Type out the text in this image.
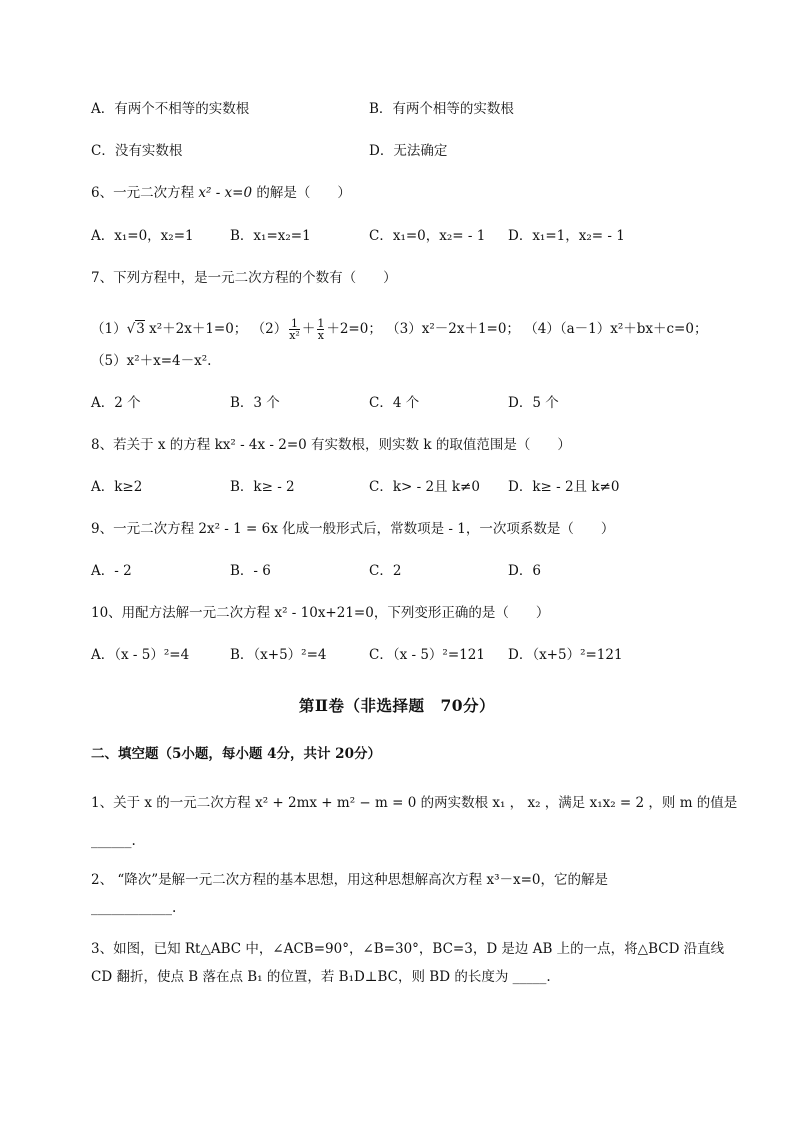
A．有两个不相等的实数根	B．有两个相等的实数根
C．没有实数根	D．无法确定
6、一元二次方程 x² - x=0 的解是（　　）
A．x₁=0，x₂=1	B．x₁=x₂=1	C．x₁=0，x₂= - 1 D．x₁=1，x₂= - 1
7、下列方程中，是一元二次方程的个数有（　　）
（1）√3 x²＋2x＋1=0； $(2) \frac{1}{\text{x²}} + \frac{1}{x} +2=0$； （3）x²－2x＋1=0； （4）（a－1）x²＋bx＋c=0；
（5）x²＋x=4－x².
A．2 个	B．3 个	C．4 个	D．5 个
8、若关于 x 的方程 kx² - 4x - 2=0 有实数根，则实数 k 的取值范围是（　　）
A．k≥2	B．k≥ - 2	C．k> - 2且 k≠0 D．k≥ - 2且 k≠0
9、一元二次方程 2x² - 1 = 6x 化成一般形式后，常数项是 - 1，一次项系数是（　　）
A．- 2	B．- 6	C．2	D．6
10、用配方法解一元二次方程 x² - 10x+21=0，下列变形正确的是（　　）
A．（x - 5）²=4	B．（x+5）²=4	C．（x - 5）²=121 D．（x+5）²=121
第Ⅱ卷（非选择题　70分）
二、填空题（5小题，每小题 4分，共计 20分）
1、关于 x 的一元二次方程 x² + 2mx + m² − m = 0 的两实数根 x₁ ， x₂ ，满足 x₁x₂ = 2 ，则 m 的值是
______.
2、 “降次”是解一元二次方程的基本思想，用这种思想解高次方程 x³－x=0，它的解是
____________.
3、如图，已知 Rt△ABC 中，∠ACB=90°，∠B=30°，BC=3，D 是边 AB 上的一点，将△BCD 沿直线
CD 翻折，使点 B 落在点 B₁ 的位置，若 B₁D⊥BC，则 BD 的长度为 _____.
